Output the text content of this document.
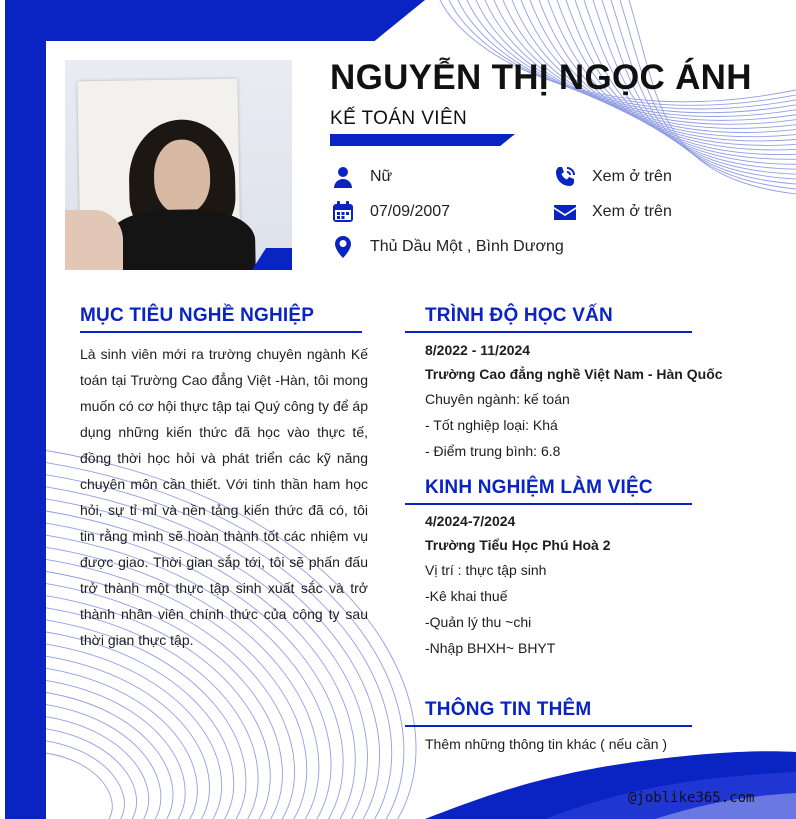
NGUYỄN THỊ NGỌC ÁNH
KẾ TOÁN VIÊN
Nữ
07/09/2007
Thủ Dầu Một , Bình Dương
Xem ở trên
Xem ở trên
MỤC TIÊU NGHỀ NGHIỆP
Là sinh viên mới ra trường chuyên ngành Kế toán tại Trường Cao đẳng Việt -Hàn, tôi mong muốn có cơ hội thực tập tại Quý công ty để áp dụng những kiến thức đã học vào thực tế, đồng thời học hỏi và phát triển các kỹ năng chuyên môn cần thiết. Với tinh thần ham học hỏi, sự tỉ mỉ và nền tảng kiến thức đã có, tôi tin rằng mình sẽ hoàn thành tốt các nhiệm vụ được giao. Thời gian sắp tới, tôi sẽ phấn đấu trở thành một thực tập sinh xuất sắc và trở thành nhân viên chính thức của công ty sau thời gian thực tập.
TRÌNH ĐỘ HỌC VẤN
8/2022 - 11/2024
Trường Cao đẳng nghề Việt Nam - Hàn Quốc
Chuyên ngành: kế toán
- Tốt nghiệp loại: Khá
- Điểm trung bình: 6.8
KINH NGHIỆM LÀM VIỆC
4/2024-7/2024
Trường Tiểu Học Phú Hoà 2
Vị trí : thực tập sinh
-Kê khai thuế
-Quản lý thu ~chi
-Nhập BHXH~ BHYT
THÔNG TIN THÊM
Thêm những thông tin khác ( nếu cần )
@joblike365.com
